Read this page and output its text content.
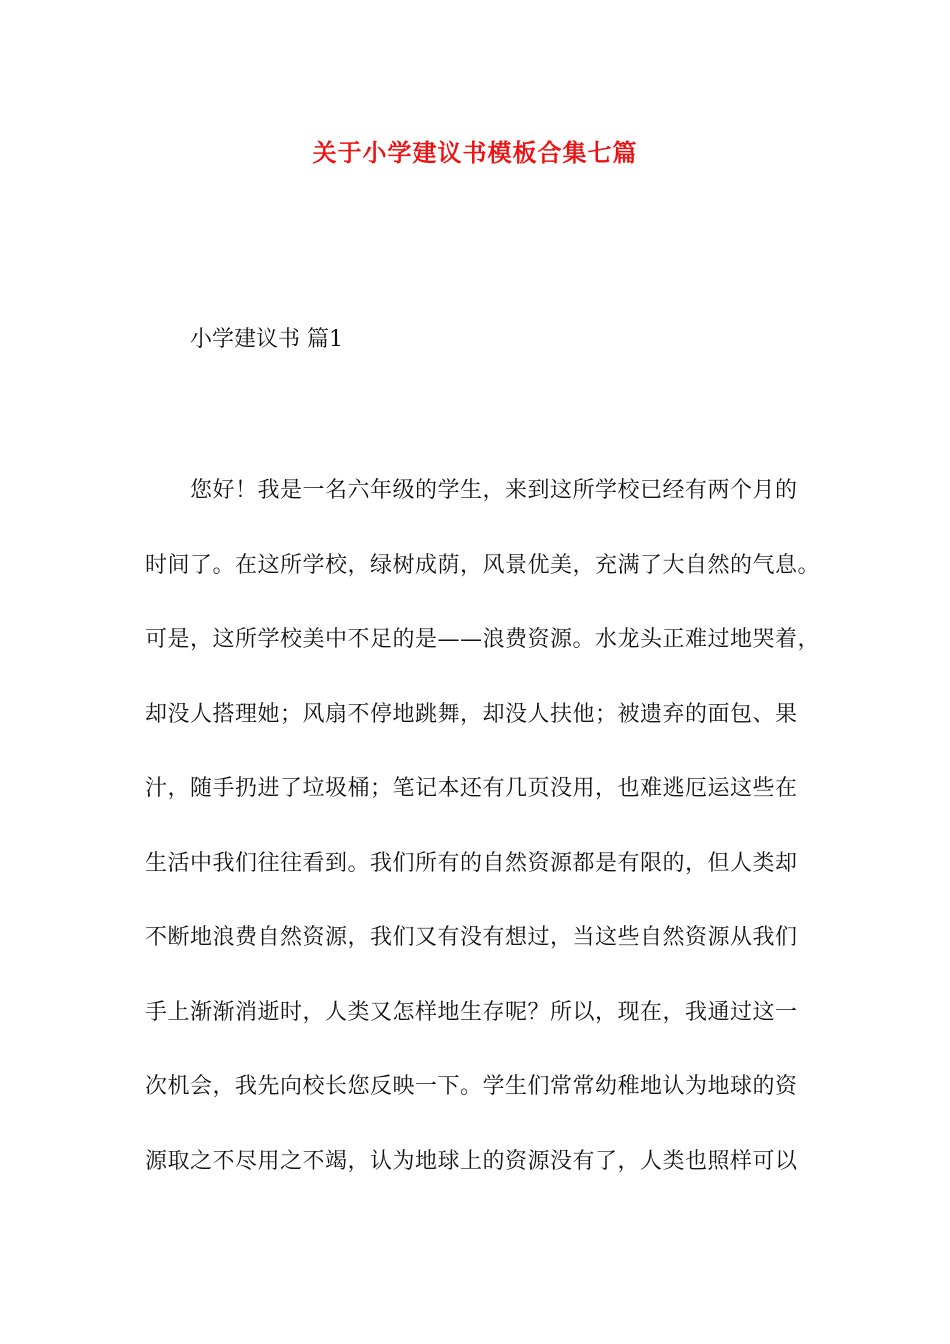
关于小学建议书模板合集七篇
小学建议书 篇1
您好！我是一名六年级的学生，来到这所学校已经有两个月的
时间了。在这所学校，绿树成荫，风景优美，充满了大自然的气息。
可是，这所学校美中不足的是——浪费资源。水龙头正难过地哭着，
却没人搭理她；风扇不停地跳舞，却没人扶他；被遗弃的面包、果
汁，随手扔进了垃圾桶；笔记本还有几页没用，也难逃厄运这些在
生活中我们往往看到。我们所有的自然资源都是有限的，但人类却
不断地浪费自然资源，我们又有没有想过，当这些自然资源从我们
手上渐渐消逝时，人类又怎样地生存呢？所以，现在，我通过这一
次机会，我先向校长您反映一下。学生们常常幼稚地认为地球的资
源取之不尽用之不竭，认为地球上的资源没有了，人类也照样可以
